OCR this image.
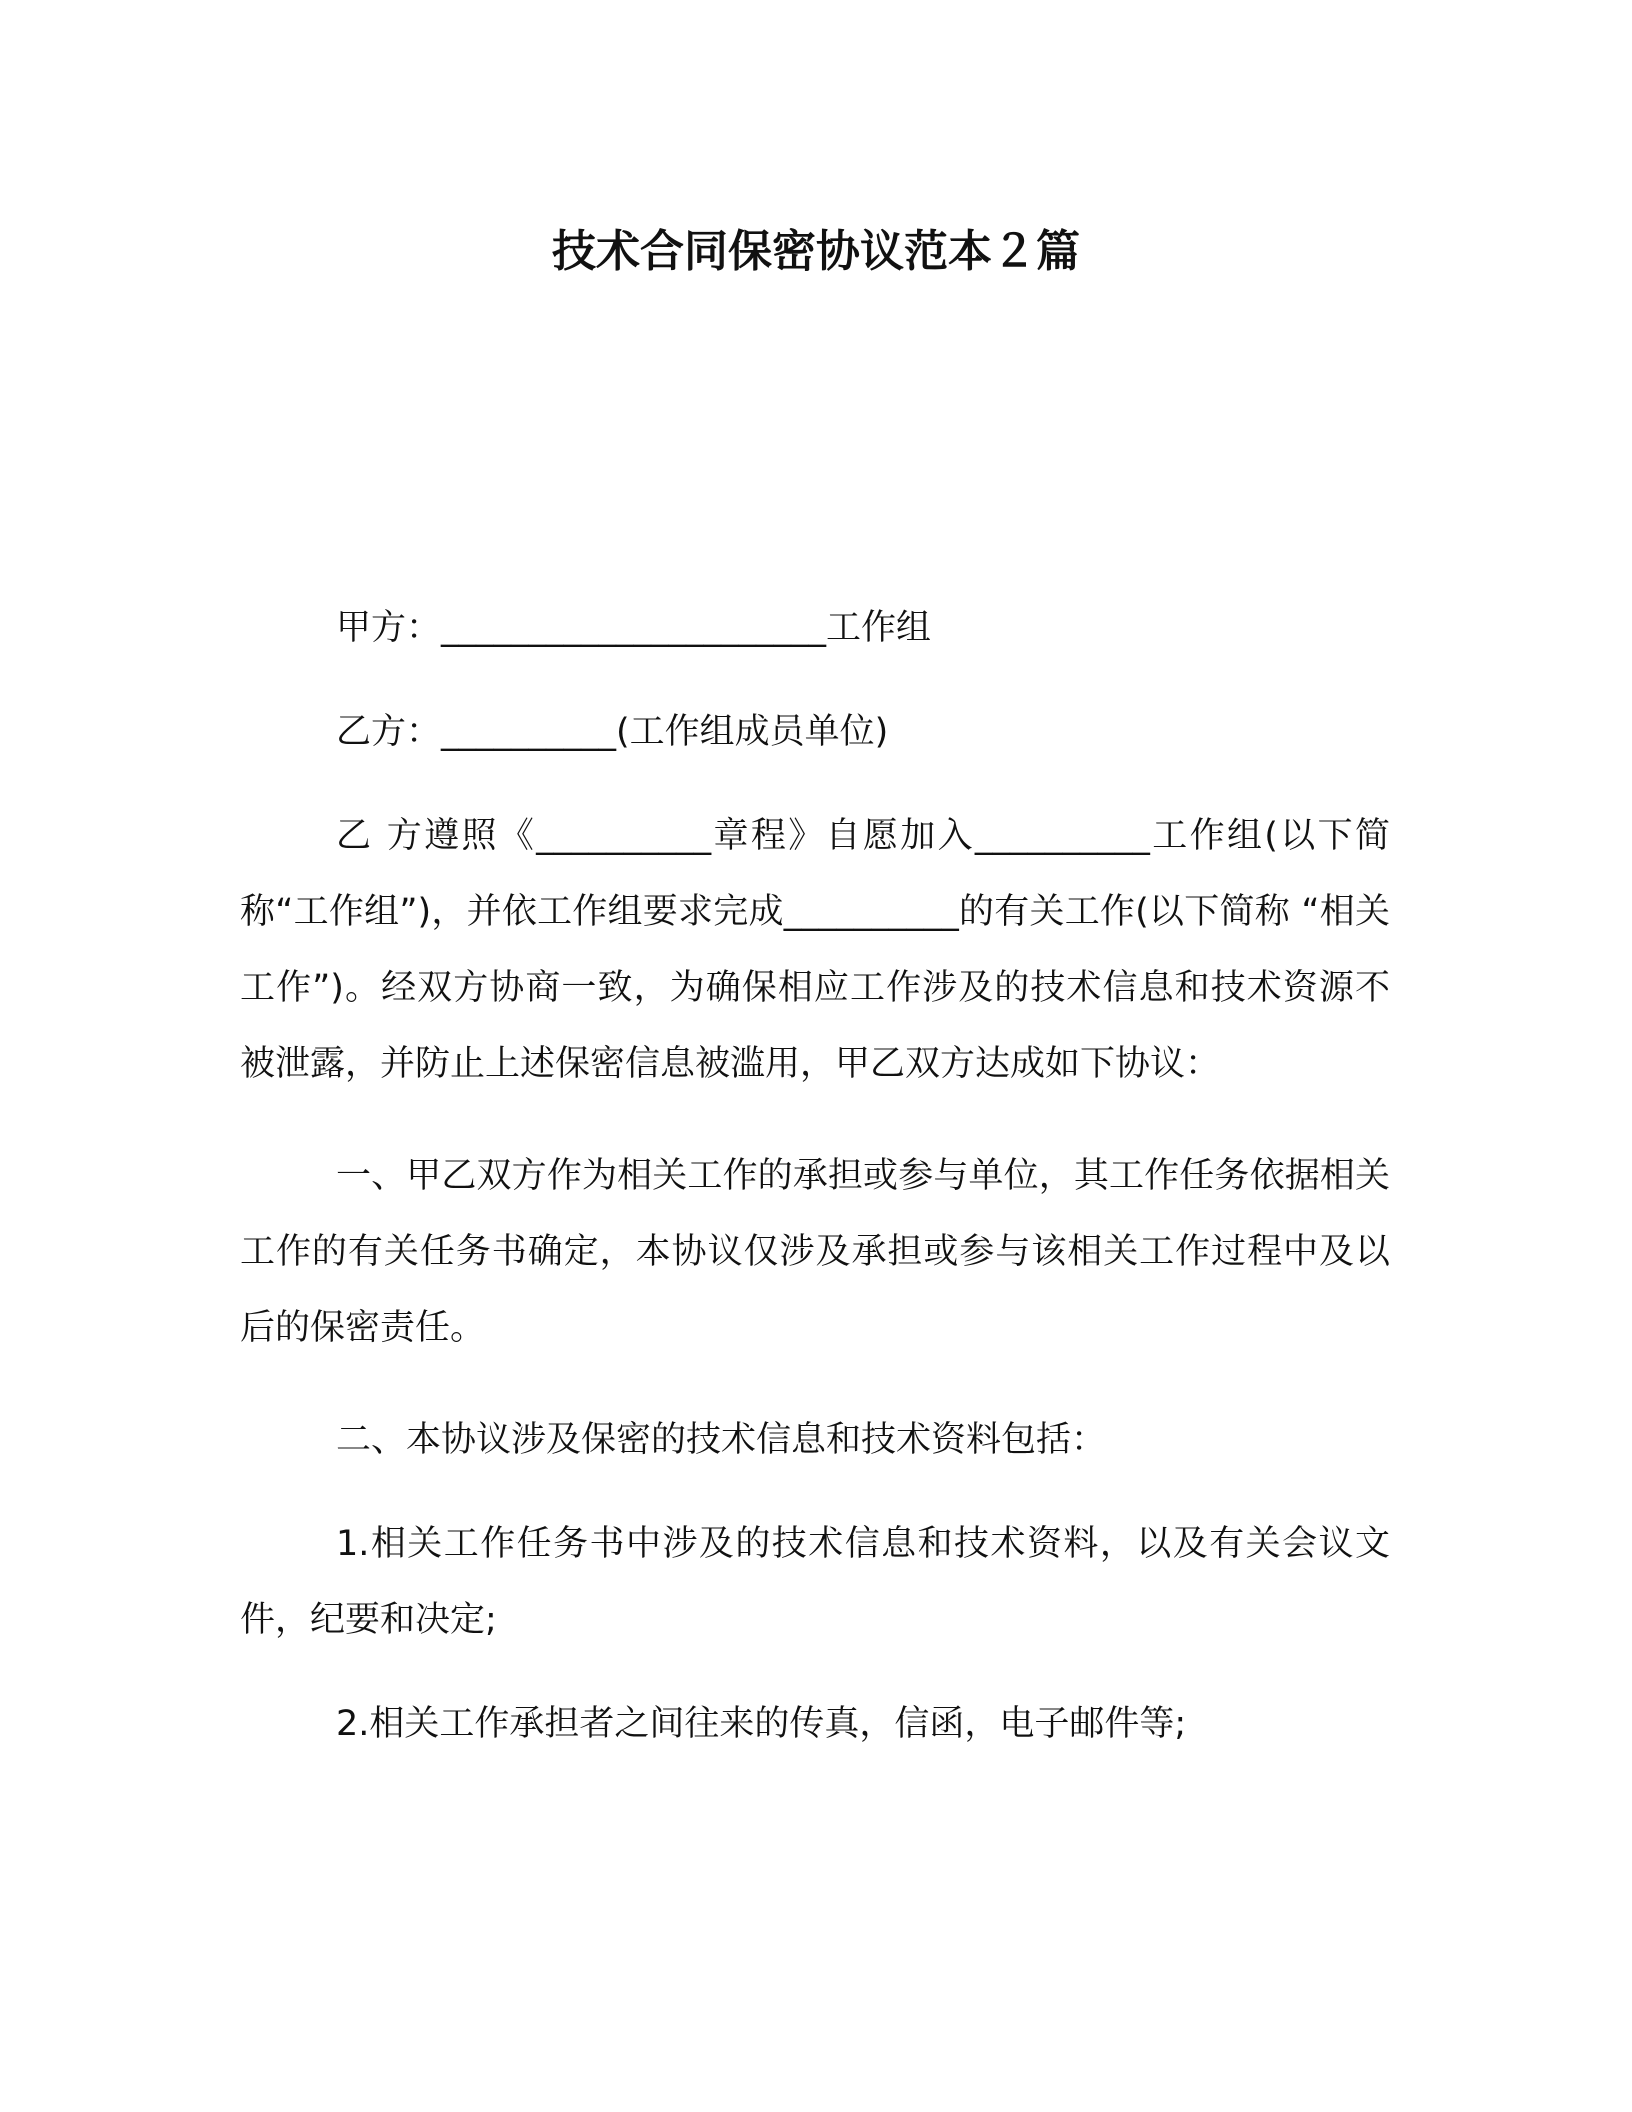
技术合同保密协议范本２篇

甲方：______________________工作组

乙方：__________(工作组成员单位)

乙 方遵照《__________章程》自愿加入__________工作组(以下简称“工作组”)，并依工作组要求完成__________的有关工作(以下简称 “相关工作”)。经双方协商一致，为确保相应工作涉及的技术信息和技术资源不被泄露，并防止上述保密信息被滥用，甲乙双方达成如下协议：

一、甲乙双方作为相关工作的承担或参与单位，其工作任务依据相关工作的有关任务书确定，本协议仅涉及承担或参与该相关工作过程中及以后的保密责任。

二、本协议涉及保密的技术信息和技术资料包括：

1.相关工作任务书中涉及的技术信息和技术资料，以及有关会议文件，纪要和决定;

2.相关工作承担者之间往来的传真，信函，电子邮件等;
